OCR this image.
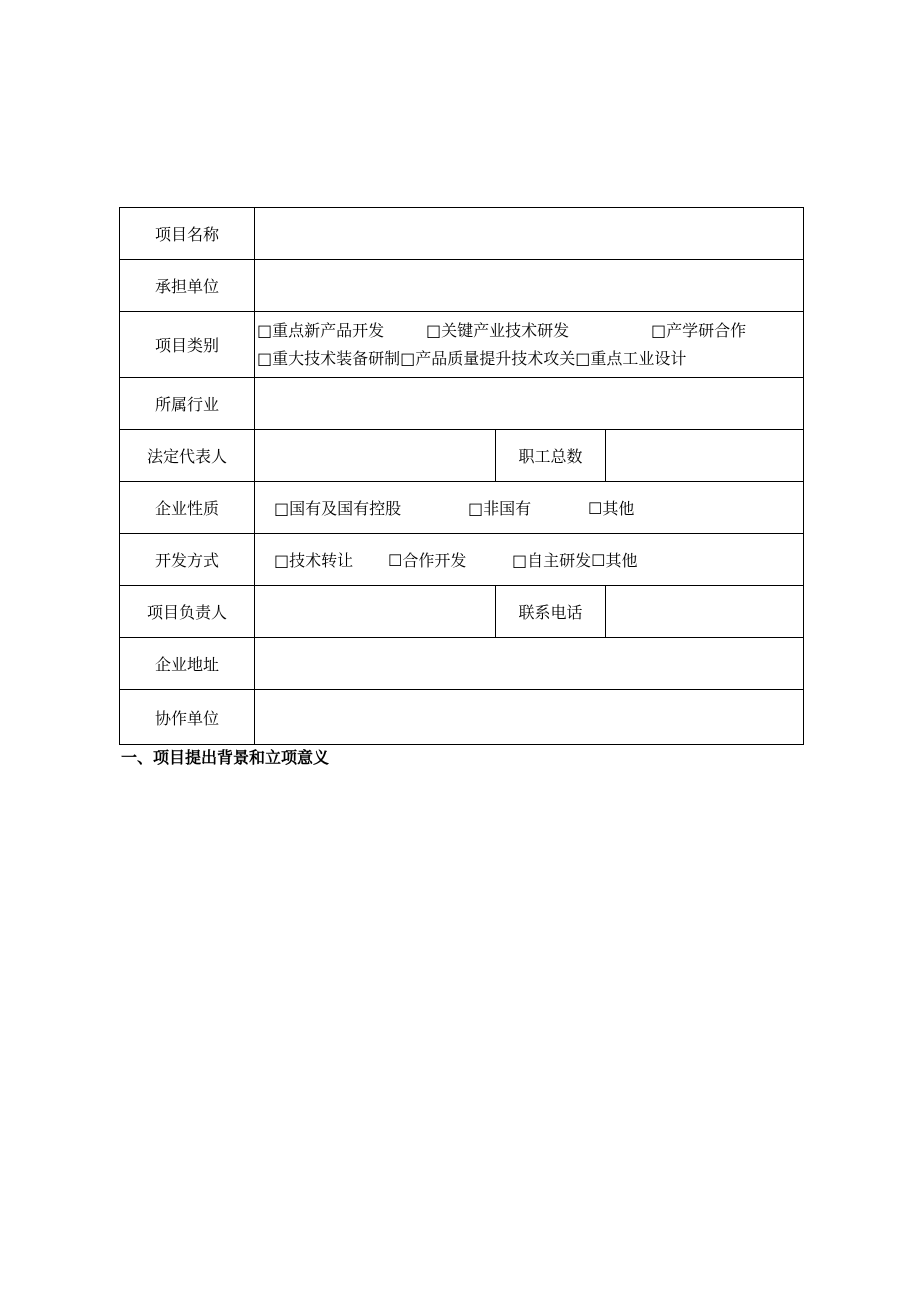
项目名称			
承担单位			
项目类别	□重点新产品开发 □关键产业技术研发 □产学研合作
□重大技术装备研制□产品质量提升技术攻关□重点工业设计		

所属行业			
法定代表人		职工总数	
企业性质	□国有及国有控股 □非国有 ☐其他		
开发方式	□技术转让 ☐合作开发 □自主研发☐其他		
项目负责人		联系电话	
企业地址			
协作单位			
一、项目提出背景和立项意义
